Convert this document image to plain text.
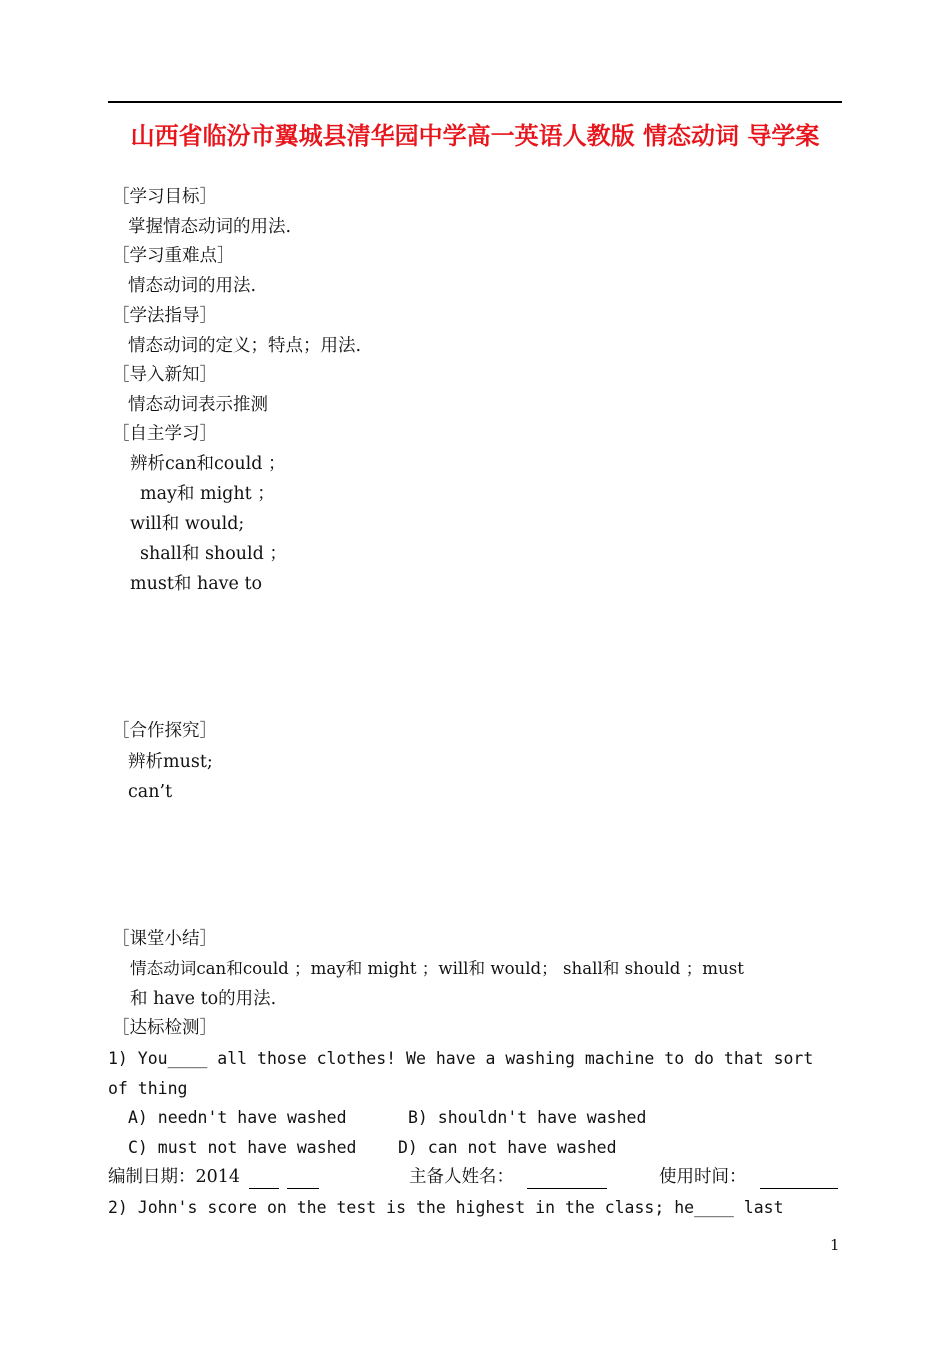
山西省临汾市翼城县清华园中学高一英语人教版 情态动词 导学案
［学习目标］
掌握情态动词的用法.
［学习重难点］
情态动词的用法.
［学法指导］
情态动词的定义；特点；用法.
［导入新知］
情态动词表示推测
［自主学习］
辨析can和could ；
may和 might ；
will和 would;
shall和 should ；
must和 have to
［合作探究］
辨析must;
can’t
［课堂小结］
情态动词can和could ；may和 might ；will和 would； shall和 should ；must
和 have to的用法.
［达标检测］
1) You____ all those clothes! We have a washing machine to do that sort
of thing
A) needn't have washed	B) shouldn't have washed
C) must not have washed	D) can not have washed
编制日期：2014	主备人姓名：	使用时间：
2) John's score on the test is the highest in the class; he____ last
1
